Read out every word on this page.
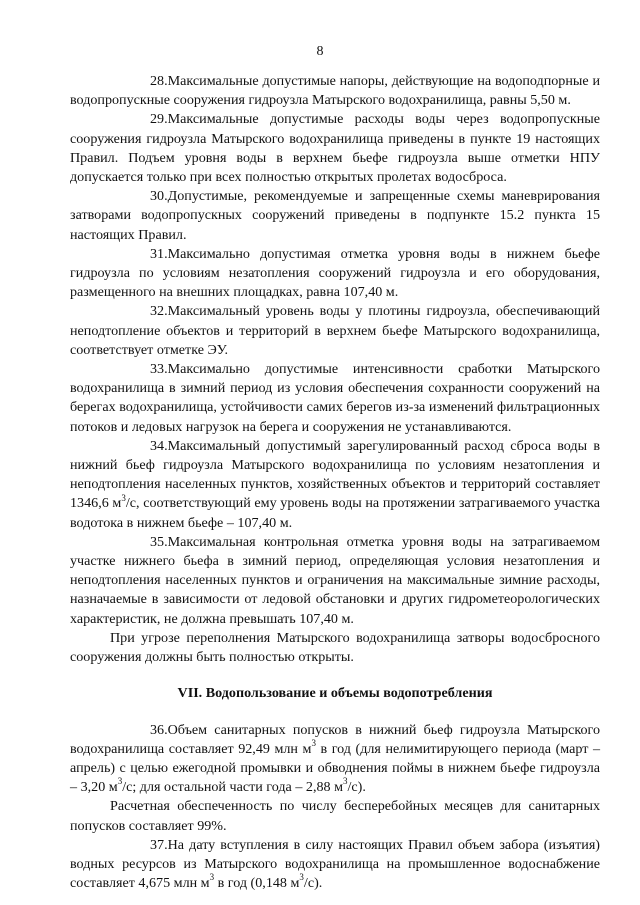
8

28.Максимальные допустимые напоры, действующие на водоподпорные и водопропускные сооружения гидроузла Матырского водохранилища, равны 5,50 м.

29.Максимальные допустимые расходы воды через водопропускные сооружения гидроузла Матырского водохранилища приведены в пункте 19 настоящих Правил. Подъем уровня воды в верхнем бьефе гидроузла выше отметки НПУ допускается только при всех полностью открытых пролетах водосброса.

30.Допустимые, рекомендуемые и запрещенные схемы маневрирования затворами водопропускных сооружений приведены в подпункте 15.2 пункта 15 настоящих Правил.

31.Максимально допустимая отметка уровня воды в нижнем бьефе гидроузла по условиям незатопления сооружений гидроузла и его оборудования, размещенного на внешних площадках, равна 107,40 м.

32.Максимальный уровень воды у плотины гидроузла, обеспечивающий неподтопление объектов и территорий в верхнем бьефе Матырского водохранилища, соответствует отметке ЭУ.

33.Максимально допустимые интенсивности сработки Матырского водохранилища в зимний период из условия обеспечения сохранности сооружений на берегах водохранилища, устойчивости самих берегов из-за изменений фильтрационных потоков и ледовых нагрузок на берега и сооружения не устанавливаются.

34.Максимальный допустимый зарегулированный расход сброса воды в нижний бьеф гидроузла Матырского водохранилища по условиям незатопления и неподтопления населенных пунктов, хозяйственных объектов и территорий составляет 1346,6 $м^3/с$, соответствующий ему уровень воды на протяжении затрагиваемого участка водотока в нижнем бьефе – 107,40 м.

35.Максимальная контрольная отметка уровня воды на затрагиваемом участке нижнего бьефа в зимний период, определяющая условия незатопления и неподтопления населенных пунктов и ограничения на максимальные зимние расходы, назначаемые в зависимости от ледовой обстановки и других гидрометеорологических характеристик, не должна превышать 107,40 м.

При угрозе переполнения Матырского водохранилища затворы водосбросного сооружения должны быть полностью открыты.

VII. Водопользование и объемы водопотребления

36.Объем санитарных попусков в нижний бьеф гидроузла Матырского водохранилища составляет 92,49 млн $м^3$ в год (для нелимитирующего периода (март – апрель) с целью ежегодной промывки и обводнения поймы в нижнем бьефе гидроузла – 3,20 $м^3/с$; для остальной части года – 2,88 $м^3/с$).

Расчетная обеспеченность по числу бесперебойных месяцев для санитарных попусков составляет 99%.

37.На дату вступления в силу настоящих Правил объем забора (изъятия) водных ресурсов из Матырского водохранилища на промышленное водоснабжение составляет 4,675 млн $м^3$ в год (0,148 $м^3/с$).
